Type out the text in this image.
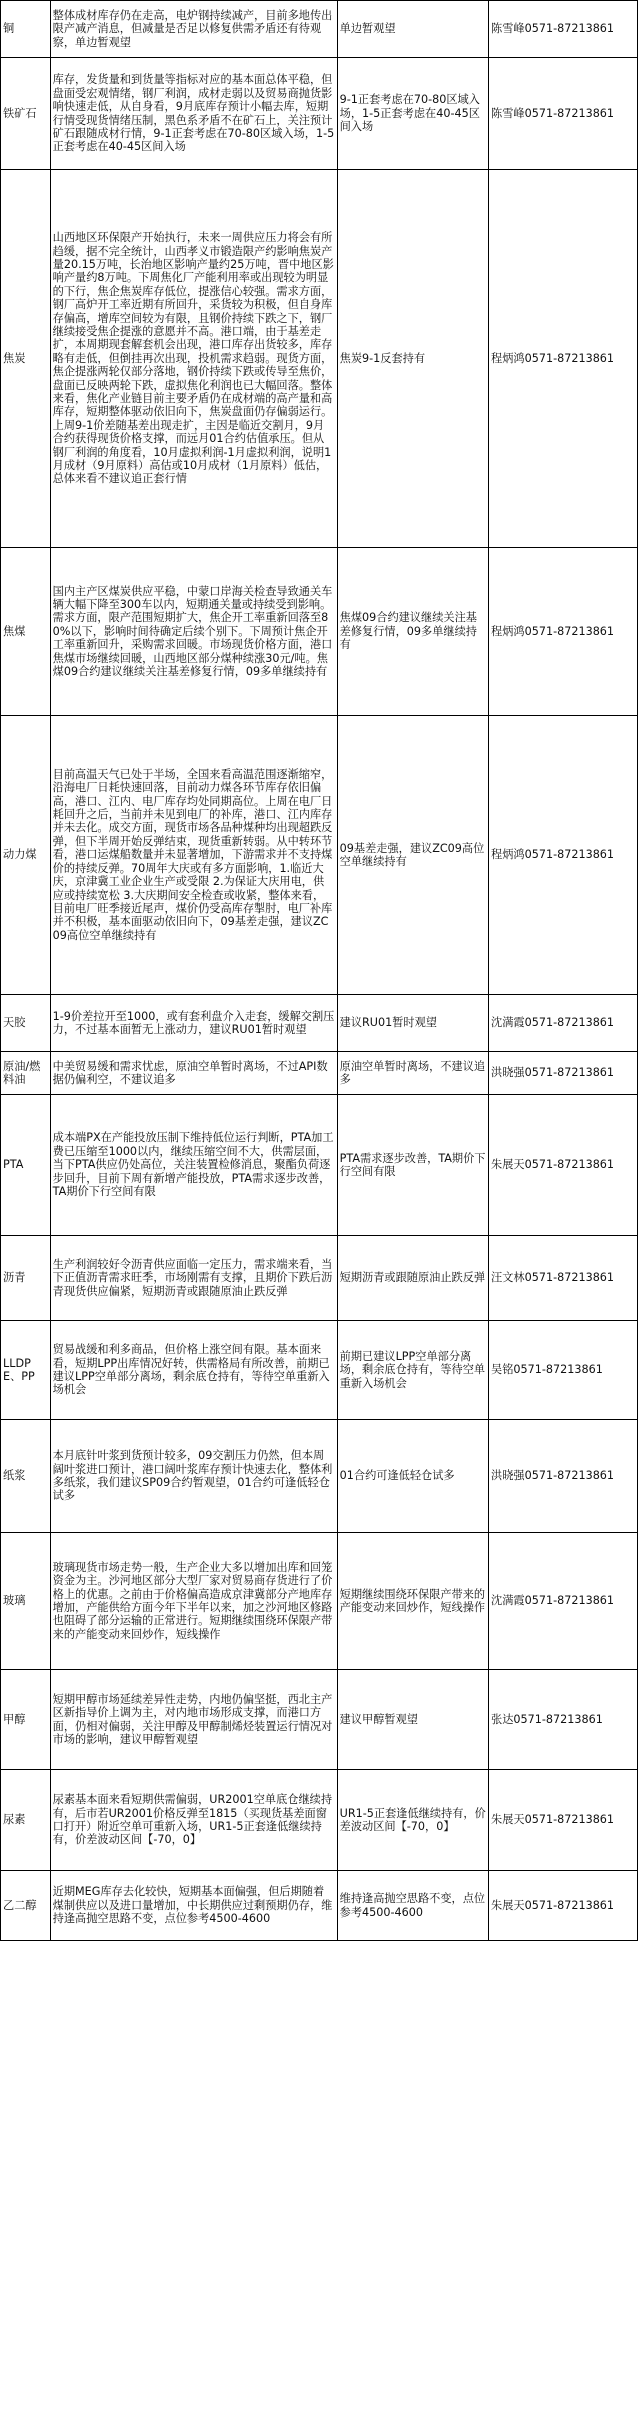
铜	整体成材库存仍在走高，电炉钢持续减产，目前多地传出限产减产消息，但减量是否足以修复供需矛盾还有待观察，单边暂观望	单边暂观望	陈雪峰0571-87213861
铁矿石	库存，发货量和到货量等指标对应的基本面总体平稳，但盘面受宏观情绪，钢厂利润，成材走弱以及贸易商抛货影响快速走低，从自身看，9月底库存预计小幅去库，短期行情受现货情绪压制，黑色系矛盾不在矿石上，关注预计矿石跟随成材行情，9-1正套考虑在70-80区域入场，1-5正套考虑在40-45区间入场	9-1正套考虑在70-80区域入场，1-5正套考虑在40-45区间入场	陈雪峰0571-87213861
焦炭	山西地区环保限产开始执行，未来一周供应压力将会有所趋缓，据不完全统计，山西孝义市锻造限产约影响焦炭产量20.15万吨，长治地区影响产量约25万吨，晋中地区影响产量约8万吨。下周焦化厂产能利用率或出现较为明显的下行，焦企焦炭库存低位，提涨信心较强。需求方面，钢厂高炉开工率近期有所回升，采货较为积极，但自身库存偏高，增库空间较为有限，且钢价持续下跌之下，钢厂继续接受焦企提涨的意愿并不高。港口端，由于基差走扩，本周期现套解套机会出现，港口库存出货较多，库存略有走低，但倒挂再次出现，投机需求趋弱。现货方面，焦企提涨两轮仅部分落地，钢价持续下跌或传导至焦价，盘面已反映两轮下跌，虚拟焦化利润也已大幅回落。整体来看，焦化产业链目前主要矛盾仍在成材端的高产量和高库存，短期整体驱动依旧向下，焦炭盘面仍存偏弱运行。上周9-1价差随基差出现走扩，主因是临近交割月，9月合约获得现货价格支撑，而远月01合约估值承压。但从钢厂利润的角度看，10月虚拟利润-1月虚拟利润，说明1月成材（9月原料）高估或10月成材（1月原料）低估，总体来看不建议追正套行情	焦炭9-1反套持有	程炳鸿0571-87213861
焦煤	国内主产区煤炭供应平稳，中蒙口岸海关检查导致通关车辆大幅下降至300车以内，短期通关量或持续受到影响。需求方面，限产范围短期扩大，焦企开工率重新回落至80%以下，影响时间待确定后续个别下。下周预计焦企开工率重新回升，采购需求回暖。市场现货价格方面，港口焦煤市场继续回暖，山西地区部分煤种续涨30元/吨。焦煤09合约建议继续关注基差修复行情，09多单继续持有	焦煤09合约建议继续关注基差修复行情，09多单继续持有	程炳鸿0571-87213861
动力煤	目前高温天气已处于半场，全国来看高温范围逐渐缩窄，沿海电厂日耗快速回落，目前动力煤各环节库存依旧偏高，港口、江内、电厂库存均处同期高位。上周在电厂日耗回升之后，当前并未见到电厂的补库，港口、江内库存并未去化。成交方面，现货市场各品种煤种均出现超跌反弹，但下半周开始反弹结束，现货重新转弱。从中转环节看，港口运煤船数量并未显著增加，下游需求并不支持煤价的持续反弹。70周年大庆或有多方面影响，1.临近大庆，京津冀工业企业生产或受限 2.为保证大庆用电，供应或持续宽松 3.大庆期间安全检查或收紧，整体来看，目前电厂旺季接近尾声，煤价仍受高库存掣肘，电厂补库并不积极，基本面驱动依旧向下，09基差走强，建议ZC09高位空单继续持有	09基差走强，建议ZC09高位空单继续持有	程炳鸿0571-87213861
天胶	1-9价差拉开至1000，或有套利盘介入走套，缓解交割压力，不过基本面暂无上涨动力，建议RU01暂时观望	建议RU01暂时观望	沈满霞0571-87213861
原油/燃料油	中美贸易缓和需求忧虑，原油空单暂时离场，不过API数据仍偏利空，不建议追多	原油空单暂时离场，不建议追多	洪晓强0571-87213861
PTA	成本端PX在产能投放压制下维持低位运行判断，PTA加工费已压缩至1000以内，继续压缩空间不大，供需层面，当下PTA供应仍处高位，关注装置检修消息，聚酯负荷逐步回升，目前下周有新增产能投放，PTA需求逐步改善，TA期价下行空间有限	PTA需求逐步改善，TA期价下行空间有限	朱展天0571-87213861
沥青	生产利润较好令沥青供应面临一定压力，需求端来看，当下正值沥青需求旺季，市场刚需有支撑，且期价下跌后沥青现货供应偏紧，短期沥青或跟随原油止跌反弹	短期沥青或跟随原油止跌反弹	汪文林0571-87213861
LLDPE、PP	贸易战缓和利多商品，但价格上涨空间有限。基本面来看，短期LPP出库情况好转，供需格局有所改善，前期已建议LPP空单部分离场，剩余底仓持有，等待空单重新入场机会	前期已建议LPP空单部分离场，剩余底仓持有，等待空单重新入场机会	吴铭0571-87213861
纸浆	本月底针叶浆到货预计较多，09交割压力仍然，但本周阔叶浆进口预计，港口阔叶浆库存预计快速去化，整体利多纸浆，我们建议SP09合约暂观望，01合约可逢低轻仓试多	01合约可逢低轻仓试多	洪晓强0571-87213861
玻璃	玻璃现货市场走势一般，生产企业大多以增加出库和回笼资金为主。沙河地区部分大型厂家对贸易商存货进行了价格上的优惠。之前由于价格偏高造成京津冀部分产地库存增加，产能供给方面今年下半年以来，加之沙河地区修路也阻碍了部分运输的正常进行。短期继续围绕环保限产带来的产能变动来回炒作，短线操作	短期继续围绕环保限产带来的产能变动来回炒作，短线操作	沈满霞0571-87213861
甲醇	短期甲醇市场延续差异性走势，内地仍偏坚挺，西北主产区新指导价上调为主，对内地市场形成支撑，而港口方面，仍相对偏弱，关注甲醇及甲醇制烯烃装置运行情况对市场的影响，建议甲醇暂观望	建议甲醇暂观望	张达0571-87213861
尿素	尿素基本面来看短期供需偏弱，UR2001空单底仓继续持有，后市若UR2001价格反弹至1815（买现货基差面窗口打开）附近空单可重新入场，UR1-5正套逢低继续持有，价差波动区间【-70，0】	UR1-5正套逢低继续持有，价差波动区间【-70，0】	朱展天0571-87213861
乙二醇	近期MEG库存去化较快，短期基本面偏强，但后期随着煤制供应以及进口量增加，中长期供应过剩预期仍存，维持逢高抛空思路不变，点位参考4500-4600	维持逢高抛空思路不变，点位参考4500-4600	朱展天0571-87213861
